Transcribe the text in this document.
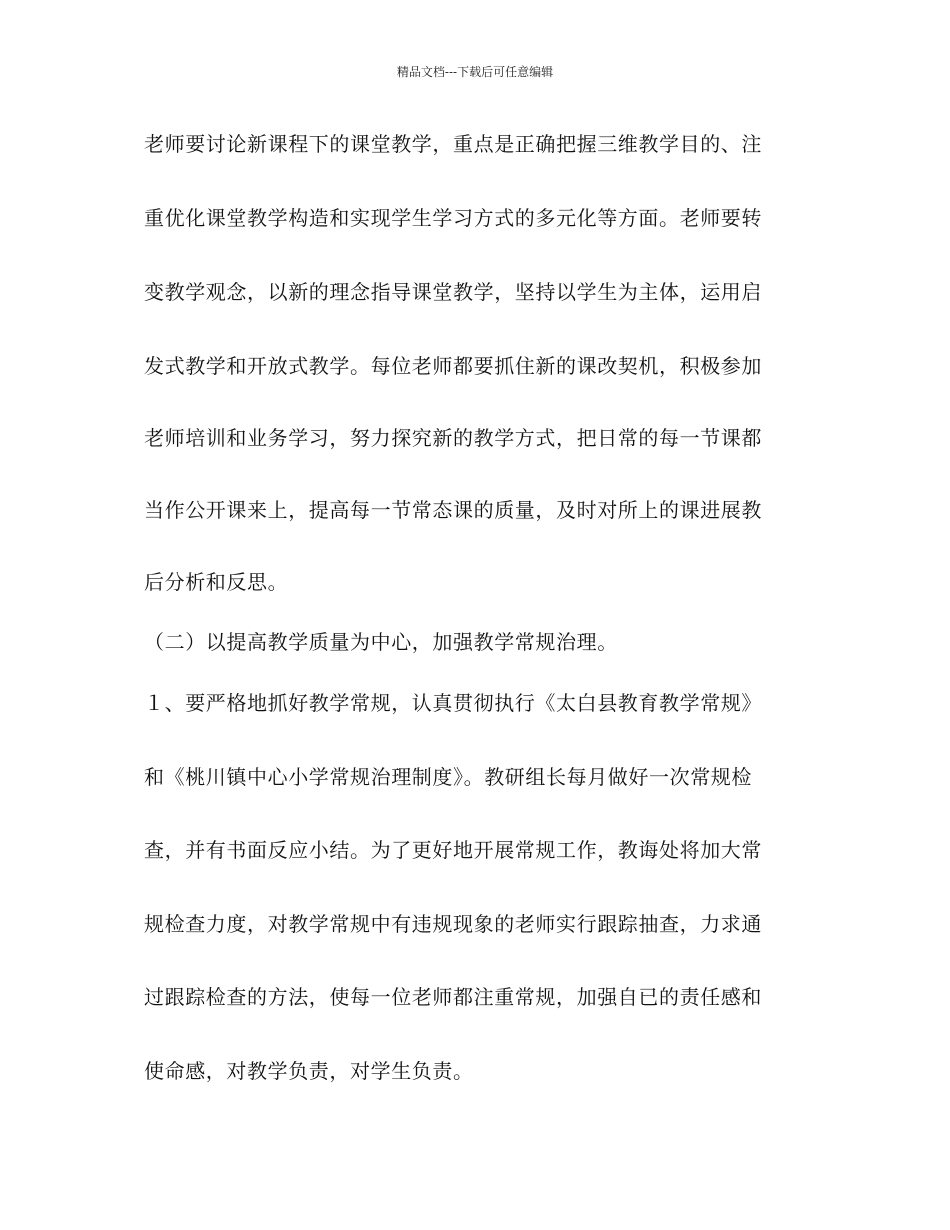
精品文档---下载后可任意编辑
老师要讨论新课程下的课堂教学，重点是正确把握三维教学目的、注
重优化课堂教学构造和实现学生学习方式的多元化等方面。老师要转
变教学观念，以新的理念指导课堂教学，坚持以学生为主体，运用启
发式教学和开放式教学。每位老师都要抓住新的课改契机，积极参加
老师培训和业务学习，努力探究新的教学方式，把日常的每一节课都
当作公开课来上，提高每一节常态课的质量，及时对所上的课进展教
后分析和反思。
（二）以提高教学质量为中心，加强教学常规治理。
１、要严格地抓好教学常规，认真贯彻执行《太白县教育教学常规》
和《桃川镇中心小学常规治理制度》。教研组长每月做好一次常规检
查，并有书面反应小结。为了更好地开展常规工作，教诲处将加大常
规检查力度，对教学常规中有违规现象的老师实行跟踪抽查，力求通
过跟踪检查的方法，使每一位老师都注重常规，加强自已的责任感和
使命感，对教学负责，对学生负责。
